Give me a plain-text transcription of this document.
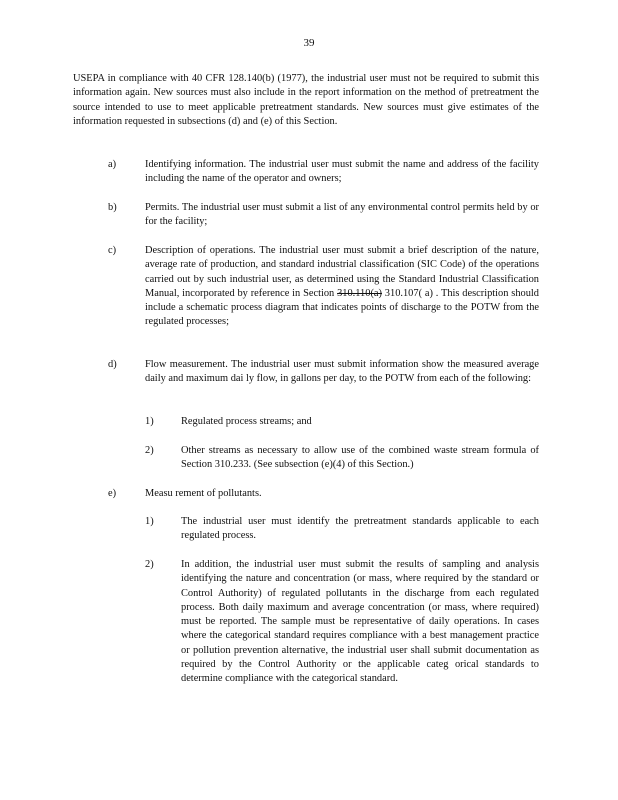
39

USEPA in compliance with 40 CFR 128.140(b) (1977), the industrial user must not be required to submit this information again. New sources must also include in the report information on the method of pretreatment the source intended to use to meet applicable pretreatment standards. New sources must give estimates of the information requested in subsections (d) and (e) of this Section.

a)	Identifying information. The industrial user must submit the name and address of the facility including the name of the operator and owners;
b)	Permits. The industrial user must submit a list of any environmental control permits held by or for the facility;
c)	Description of operations. The industrial user must submit a brief description of the nature, average rate of production, and standard industrial classification (SIC Code) of the operations carried out by such industrial user, as determined using the Standard Industrial Classification Manual, incorporated by reference in Section 310.110(a) 310.107( a) . This description should include a schematic process diagram that indicates points of discharge to the POTW from the regulated processes;
d)	Flow measurement. The industrial user must submit information show the measured average daily and maximum dai ly flow, in gallons per day, to the POTW from each of the following:
1)	Regulated process streams; and
2)	Other streams as necessary to allow use of the combined waste stream formula of Section 310.233. (See subsection (e)(4) of this Section.)
e)	Measu rement of pollutants.
1)	The industrial user must identify the pretreatment standards applicable to each regulated process.
2)	In addition, the industrial user must submit the results of sampling and analysis identifying the nature and concentration (or mass, where required by the standard or Control Authority) of regulated pollutants in the discharge from each regulated process. Both daily maximum and average concentration (or mass, where required) must be reported. The sample must be representative of daily operations. In cases where the categorical standard requires compliance with a best management practice or pollution prevention alternative, the industrial user shall submit documentation as required by the Control Authority or the applicable categ orical standards to determine compliance with the categorical standard.
